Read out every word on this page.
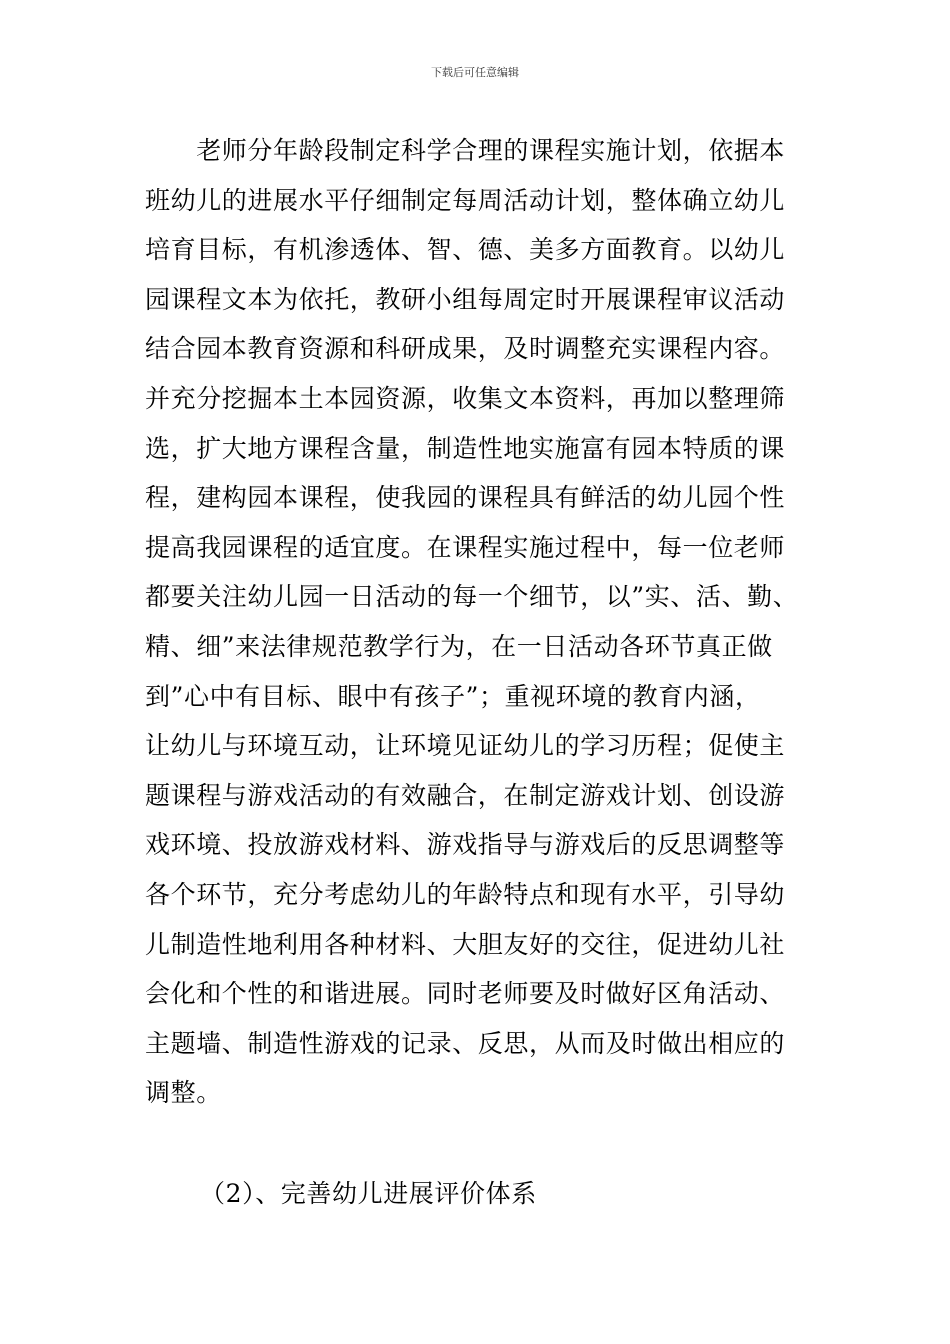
下载后可任意编辑
　　老师分年龄段制定科学合理的课程实施计划，依据本
班幼儿的进展水平仔细制定每周活动计划，整体确立幼儿
培育目标，有机渗透体、智、德、美多方面教育。以幼儿
园课程文本为依托，教研小组每周定时开展课程审议活动
结合园本教育资源和科研成果，及时调整充实课程内容。
并充分挖掘本土本园资源，收集文本资料，再加以整理筛
选，扩大地方课程含量，制造性地实施富有园本特质的课
程，建构园本课程，使我园的课程具有鲜活的幼儿园个性
提高我园课程的适宜度。在课程实施过程中，每一位老师
都要关注幼儿园一日活动的每一个细节，以”实、活、勤、
精、细”来法律规范教学行为，在一日活动各环节真正做
到”心中有目标、眼中有孩子”；重视环境的教育内涵，
让幼儿与环境互动，让环境见证幼儿的学习历程；促使主
题课程与游戏活动的有效融合，在制定游戏计划、创设游
戏环境、投放游戏材料、游戏指导与游戏后的反思调整等
各个环节，充分考虑幼儿的年龄特点和现有水平，引导幼
儿制造性地利用各种材料、大胆友好的交往，促进幼儿社
会化和个性的和谐进展。同时老师要及时做好区角活动、
主题墙、制造性游戏的记录、反思，从而及时做出相应的
调整。
（2）、完善幼儿进展评价体系
